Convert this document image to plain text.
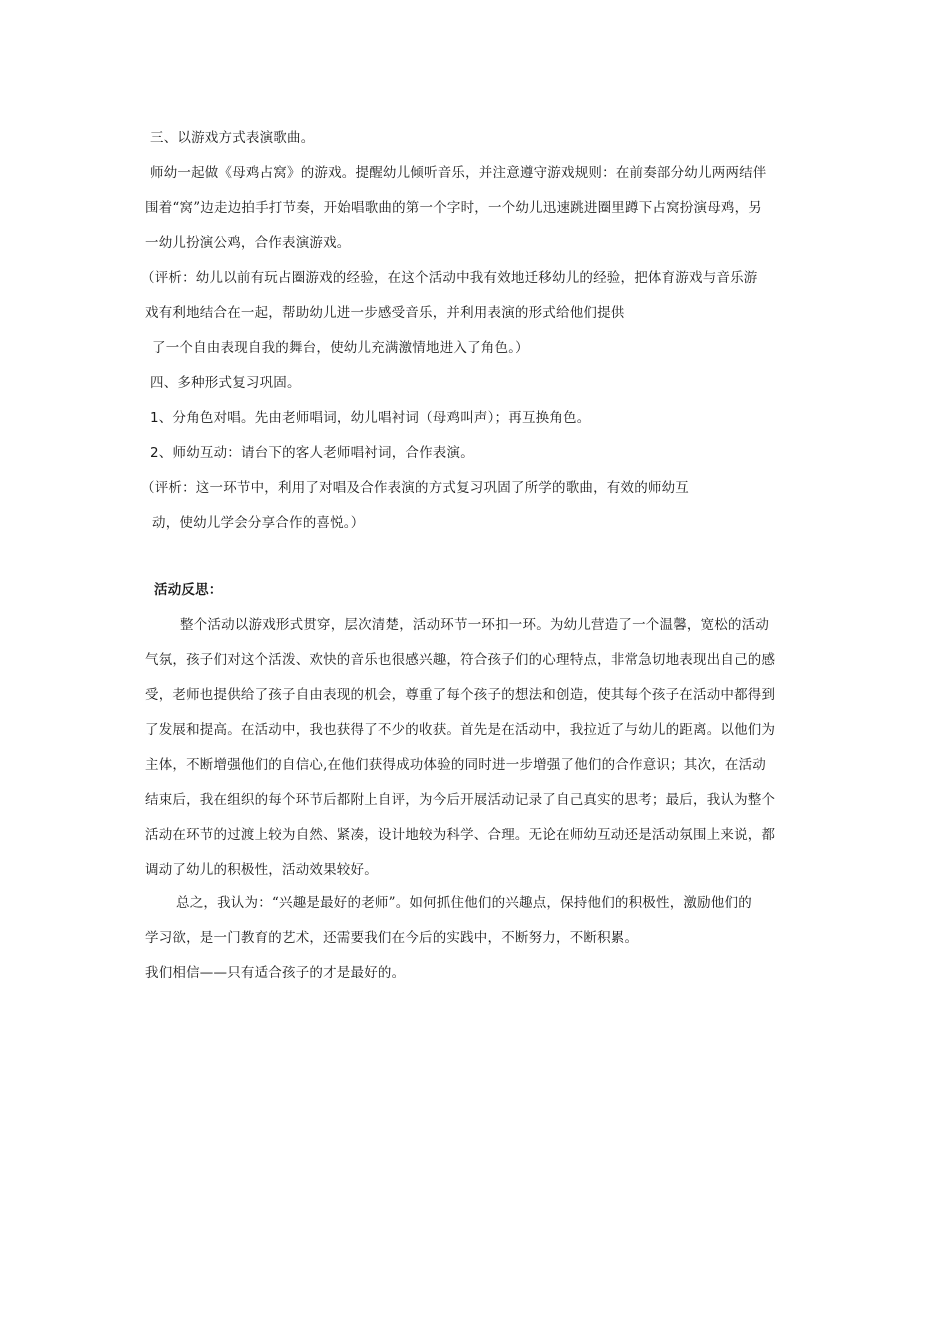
三、以游戏方式表演歌曲。
师幼一起做《母鸡占窝》的游戏。提醒幼儿倾听音乐，并注意遵守游戏规则：在前奏部分幼儿两两结伴
围着“窝”边走边拍手打节奏，开始唱歌曲的第一个字时，一个幼儿迅速跳进圈里蹲下占窝扮演母鸡，另
一幼儿扮演公鸡，合作表演游戏。
（评析：幼儿以前有玩占圈游戏的经验，在这个活动中我有效地迁移幼儿的经验，把体育游戏与音乐游
戏有利地结合在一起，帮助幼儿进一步感受音乐，并利用表演的形式给他们提供
了一个自由表现自我的舞台，使幼儿充满激情地进入了角色。）
四、多种形式复习巩固。
1、分角色对唱。先由老师唱词，幼儿唱衬词（母鸡叫声）；再互换角色。
2、师幼互动：请台下的客人老师唱衬词，合作表演。
（评析：这一环节中，利用了对唱及合作表演的方式复习巩固了所学的歌曲，有效的师幼互
动，使幼儿学会分享合作的喜悦。）
活动反思：
整个活动以游戏形式贯穿，层次清楚，活动环节一环扣一环。为幼儿营造了一个温馨，宽松的活动
气氛，孩子们对这个活泼、欢快的音乐也很感兴趣，符合孩子们的心理特点，非常急切地表现出自己的感
受，老师也提供给了孩子自由表现的机会，尊重了每个孩子的想法和创造，使其每个孩子在活动中都得到
了发展和提高。在活动中，我也获得了不少的收获。首先是在活动中，我拉近了与幼儿的距离。以他们为
主体，不断增强他们的自信心,在他们获得成功体验的同时进一步增强了他们的合作意识；其次，在活动
结束后，我在组织的每个环节后都附上自评，为今后开展活动记录了自己真实的思考；最后，我认为整个
活动在环节的过渡上较为自然、紧凑，设计地较为科学、合理。无论在师幼互动还是活动氛围上来说，都
调动了幼儿的积极性，活动效果较好。
总之，我认为：“兴趣是最好的老师”。如何抓住他们的兴趣点，保持他们的积极性，激励他们的
学习欲，是一门教育的艺术，还需要我们在今后的实践中，不断努力，不断积累。
我们相信——只有适合孩子的才是最好的。
